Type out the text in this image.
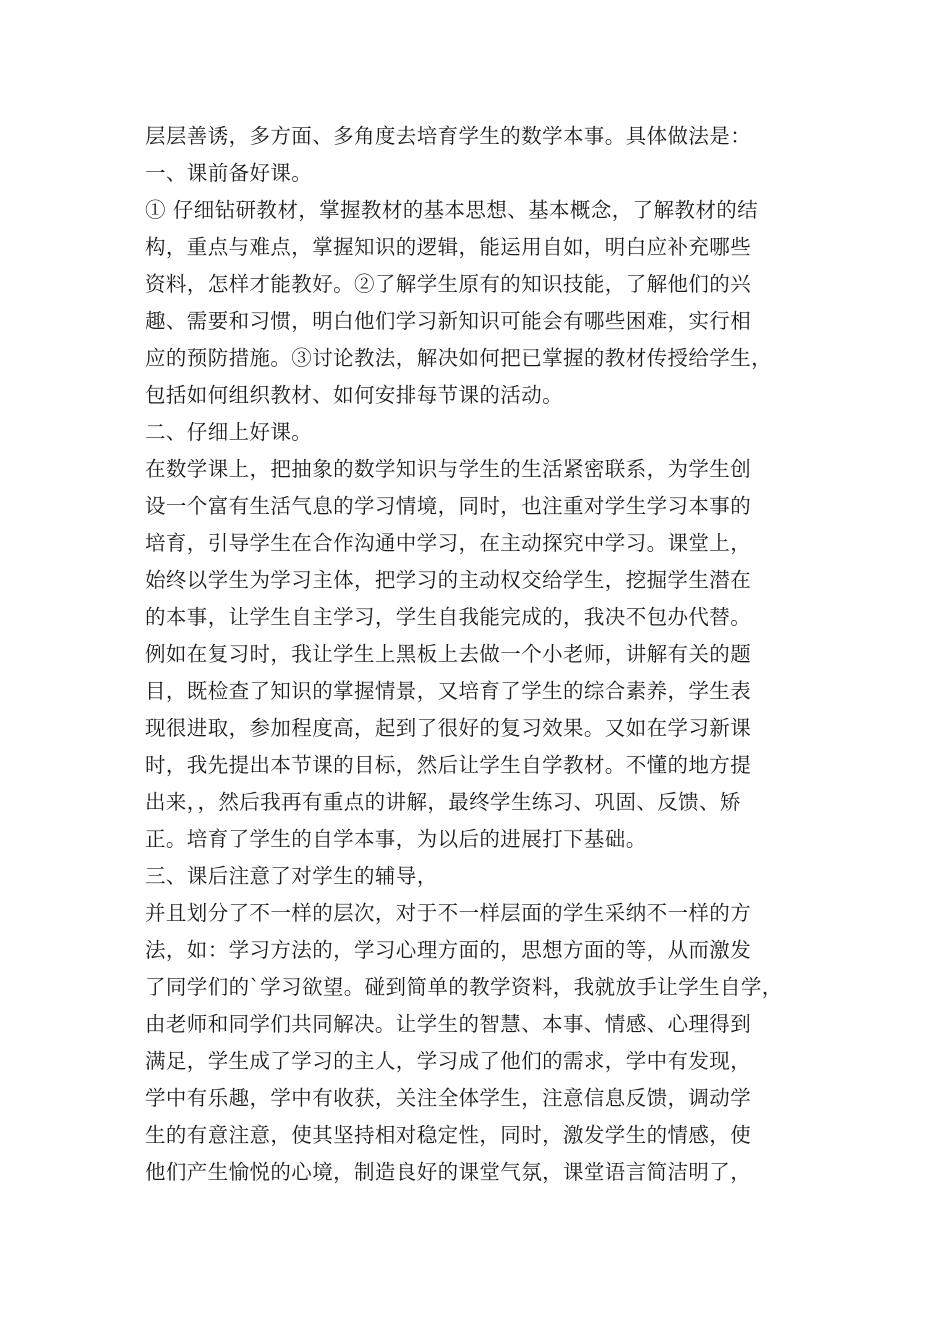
层层善诱，多方面、多角度去培育学生的数学本事。具体做法是：
一、课前备好课。
① 仔细钻研教材，掌握教材的基本思想、基本概念，了解教材的结
构，重点与难点，掌握知识的逻辑，能运用自如，明白应补充哪些
资料，怎样才能教好。②了解学生原有的知识技能，了解他们的兴
趣、需要和习惯，明白他们学习新知识可能会有哪些困难，实行相
应的预防措施。③讨论教法，解决如何把已掌握的教材传授给学生，
包括如何组织教材、如何安排每节课的活动。
二、仔细上好课。
在数学课上，把抽象的数学知识与学生的生活紧密联系，为学生创
设一个富有生活气息的学习情境，同时，也注重对学生学习本事的
培育，引导学生在合作沟通中学习，在主动探究中学习。课堂上，
始终以学生为学习主体，把学习的主动权交给学生，挖掘学生潜在
的本事，让学生自主学习，学生自我能完成的，我决不包办代替。
例如在复习时，我让学生上黑板上去做一个小老师，讲解有关的题
目，既检查了知识的掌握情景，又培育了学生的综合素养，学生表
现很进取，参加程度高，起到了很好的复习效果。又如在学习新课
时，我先提出本节课的目标，然后让学生自学教材。不懂的地方提
出来，，然后我再有重点的讲解，最终学生练习、巩固、反馈、矫
正。培育了学生的自学本事，为以后的进展打下基础。
三、课后注意了对学生的辅导，
并且划分了不一样的层次，对于不一样层面的学生采纳不一样的方
法，如：学习方法的，学习心理方面的，思想方面的等，从而激发
了同学们的`学习欲望。碰到简单的教学资料，我就放手让学生自学，
由老师和同学们共同解决。让学生的智慧、本事、情感、心理得到
满足，学生成了学习的主人，学习成了他们的需求，学中有发现，
学中有乐趣，学中有收获，关注全体学生，注意信息反馈，调动学
生的有意注意，使其坚持相对稳定性，同时，激发学生的情感，使
他们产生愉悦的心境，制造良好的课堂气氛，课堂语言简洁明了，
